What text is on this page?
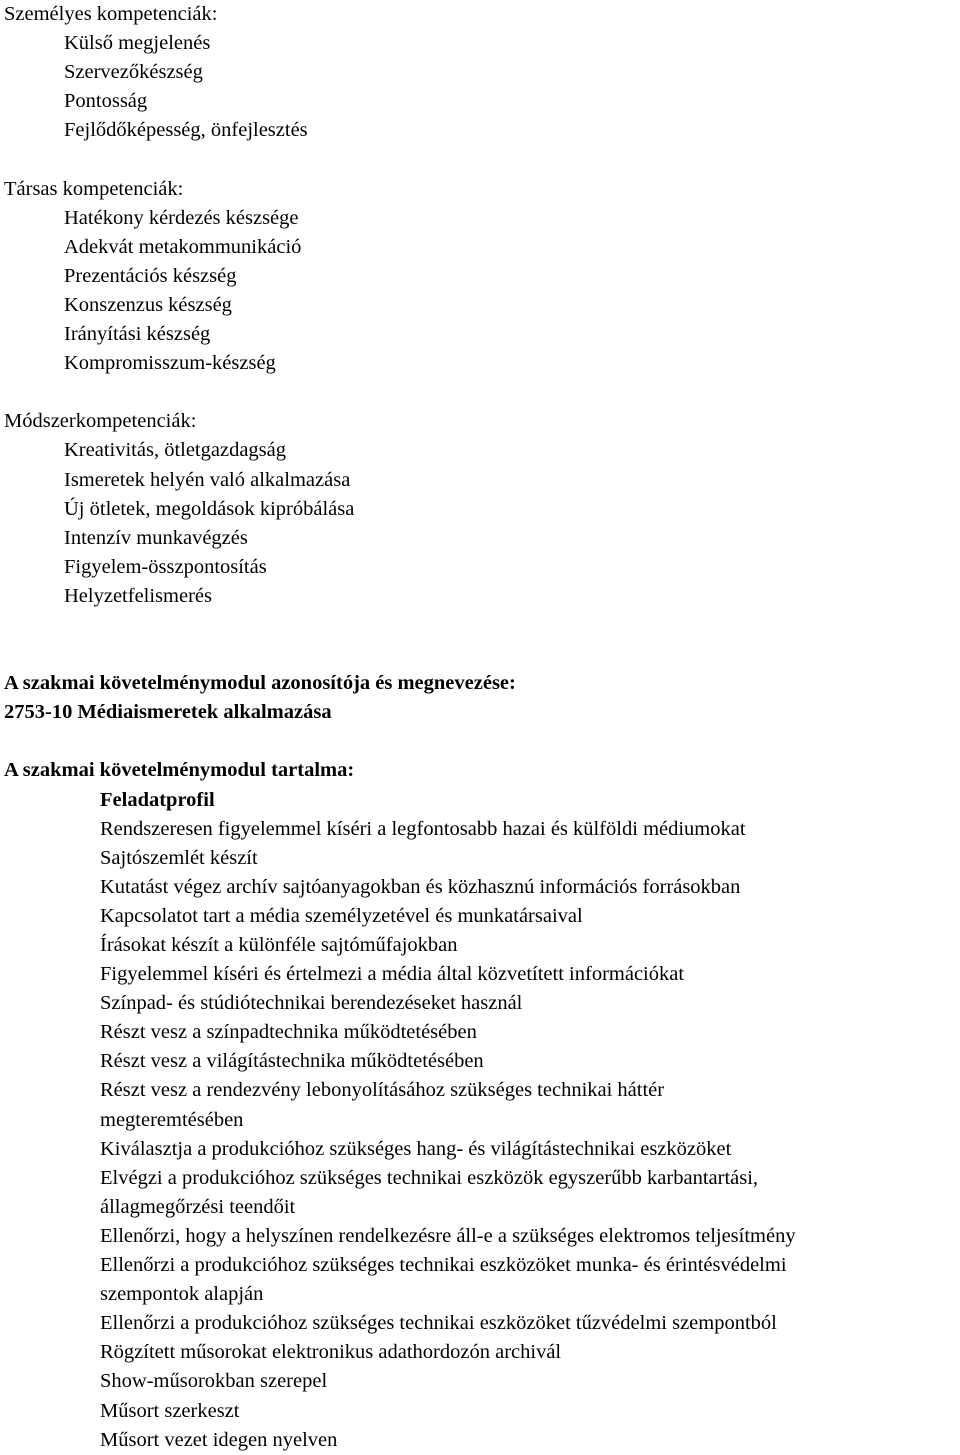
Személyes kompetenciák:
Külső megjelenés
Szervezőkészség
Pontosság
Fejlődőképesség, önfejlesztés
Társas kompetenciák:
Hatékony kérdezés készsége
Adekvát metakommunikáció
Prezentációs készség
Konszenzus készség
Irányítási készség
Kompromisszum-készség
Módszerkompetenciák:
Kreativitás, ötletgazdagság
Ismeretek helyén való alkalmazása
Új ötletek, megoldások kipróbálása
Intenzív munkavégzés
Figyelem-összpontosítás
Helyzetfelismerés
A szakmai követelménymodul azonosítója és megnevezése:
2753-10 Médiaismeretek alkalmazása
A szakmai követelménymodul tartalma:
Feladatprofil
Rendszeresen figyelemmel kíséri a legfontosabb hazai és külföldi médiumokat
Sajtószemlét készít
Kutatást végez archív sajtóanyagokban és közhasznú információs forrásokban
Kapcsolatot tart a média személyzetével és munkatársaival
Írásokat készít a különféle sajtóműfajokban
Figyelemmel kíséri és értelmezi a média által közvetített információkat
Színpad- és stúdiótechnikai berendezéseket használ
Részt vesz a színpadtechnika működtetésében
Részt vesz a világítástechnika működtetésében
Részt vesz a rendezvény lebonyolításához szükséges technikai háttér
megteremtésében
Kiválasztja a produkcióhoz szükséges hang- és világítástechnikai eszközöket
Elvégzi a produkcióhoz szükséges technikai eszközök egyszerűbb karbantartási,
állagmegőrzési teendőit
Ellenőrzi, hogy a helyszínen rendelkezésre áll-e a szükséges elektromos teljesítmény
Ellenőrzi a produkcióhoz szükséges technikai eszközöket munka- és érintésvédelmi
szempontok alapján
Ellenőrzi a produkcióhoz szükséges technikai eszközöket tűzvédelmi szempontból
Rögzített műsorokat elektronikus adathordozón archivál
Show-műsorokban szerepel
Műsort szerkeszt
Műsort vezet idegen nyelven
